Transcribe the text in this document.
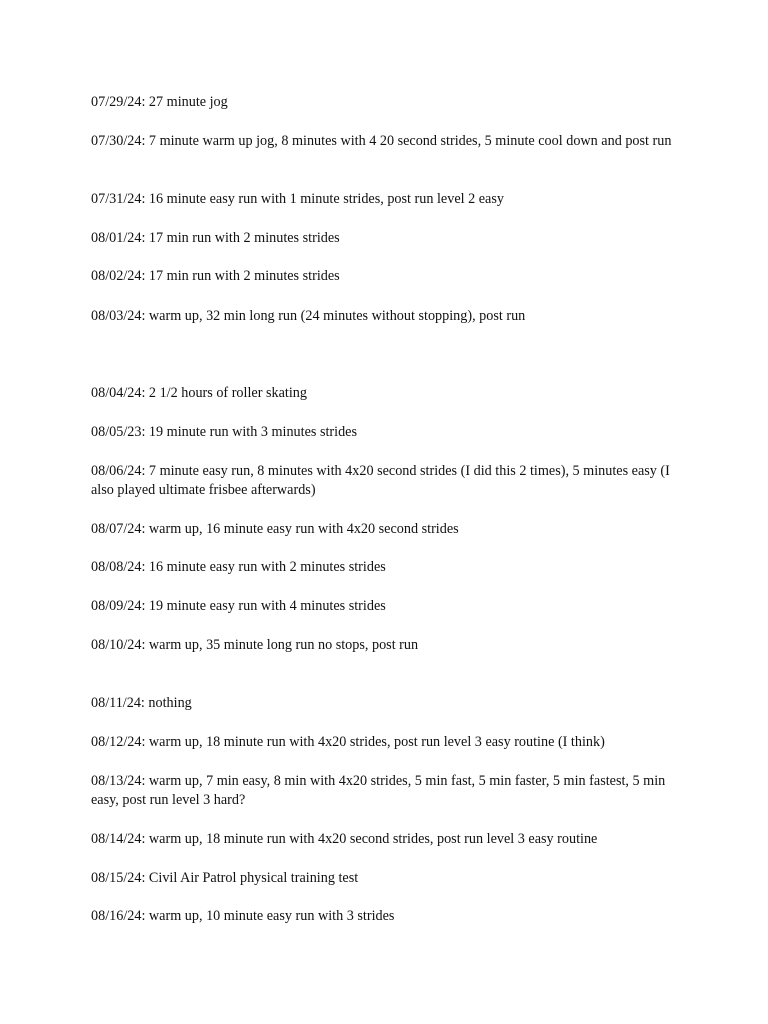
07/29/24: 27 minute jog

07/30/24: 7 minute warm up jog, 8 minutes with 4 20 second strides, 5 minute cool down and post run

07/31/24: 16 minute easy run with 1 minute strides, post run level 2 easy

08/01/24: 17 min run with 2 minutes strides

08/02/24: 17 min run with 2 minutes strides

08/03/24: warm up, 32 min long run (24 minutes without stopping), post run

08/04/24: 2 1/2 hours of roller skating

08/05/23: 19 minute run with 3 minutes strides

08/06/24: 7 minute easy run, 8 minutes with 4x20 second strides (I did this 2 times), 5 minutes easy (I also played ultimate frisbee afterwards)

08/07/24: warm up, 16 minute easy run with 4x20 second strides

08/08/24: 16 minute easy run with 2 minutes strides

08/09/24: 19 minute easy run with 4 minutes strides

08/10/24: warm up, 35 minute long run no stops, post run

08/11/24: nothing

08/12/24: warm up, 18 minute run with 4x20 strides, post run level 3 easy routine (I think)

08/13/24: warm up, 7 min easy, 8 min with 4x20 strides, 5 min fast, 5 min faster, 5 min fastest, 5 min easy, post run level 3 hard?

08/14/24: warm up, 18 minute run with 4x20 second strides, post run level 3 easy routine

08/15/24: Civil Air Patrol physical training test

08/16/24: warm up, 10 minute easy run with 3 strides
